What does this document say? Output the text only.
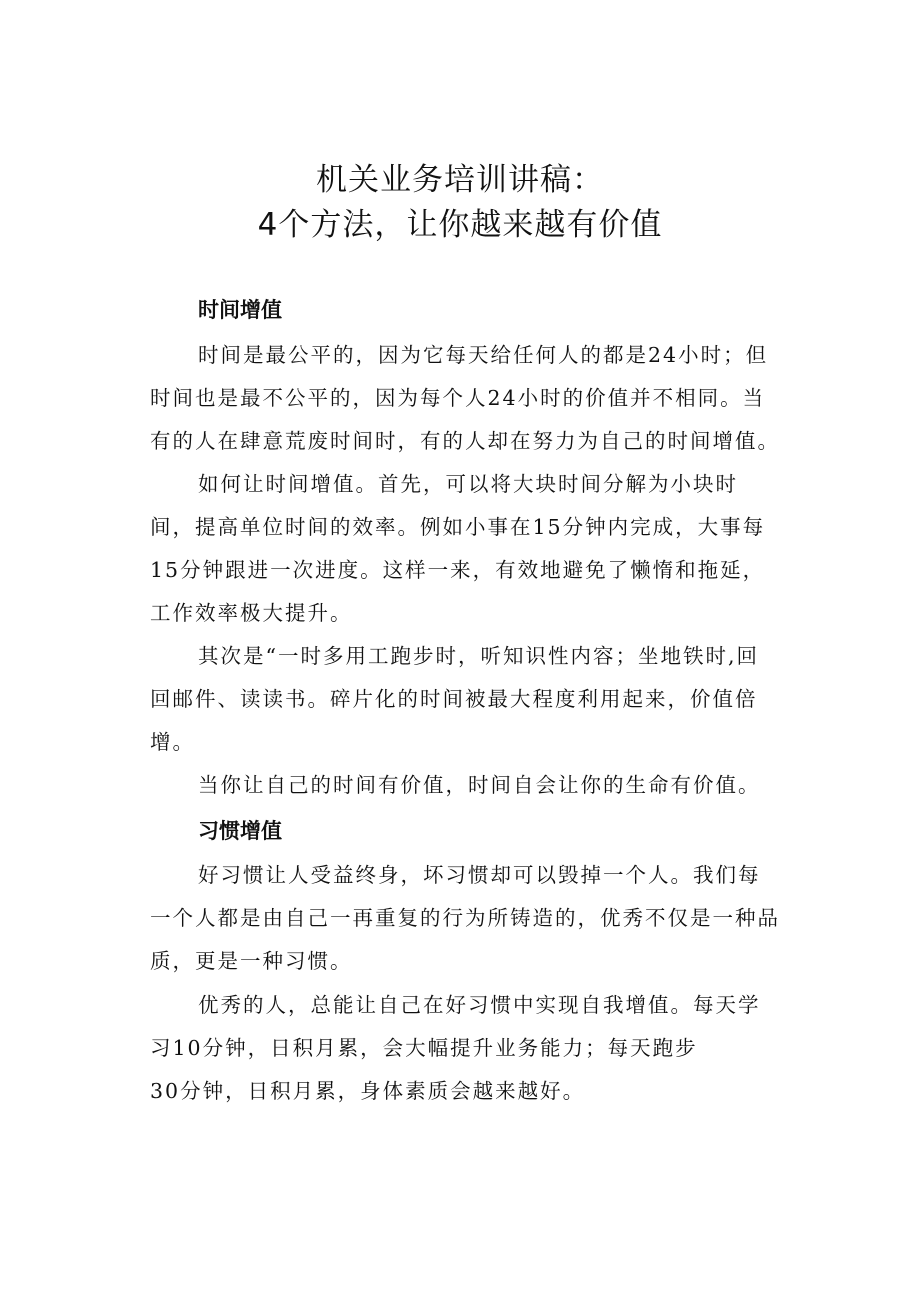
机关业务培训讲稿：
4个方法，让你越来越有价值
时间增值
时间是最公平的，因为它每天给任何人的都是24小时；但
时间也是最不公平的，因为每个人24小时的价值并不相同。当
有的人在肆意荒废时间时，有的人却在努力为自己的时间增值。
如何让时间增值。首先，可以将大块时间分解为小块时
间，提高单位时间的效率。例如小事在15分钟内完成，大事每
15分钟跟进一次进度。这样一来，有效地避免了懒惰和拖延，
工作效率极大提升。
其次是“一时多用工跑步时，听知识性内容；坐地铁时,回
回邮件、读读书。碎片化的时间被最大程度利用起来，价值倍
增。
当你让自己的时间有价值，时间自会让你的生命有价值。
习惯增值
好习惯让人受益终身，坏习惯却可以毁掉一个人。我们每
一个人都是由自己一再重复的行为所铸造的，优秀不仅是一种品
质，更是一种习惯。
优秀的人，总能让自己在好习惯中实现自我增值。每天学
习10分钟，日积月累，会大幅提升业务能力；每天跑步
30分钟，日积月累，身体素质会越来越好。
